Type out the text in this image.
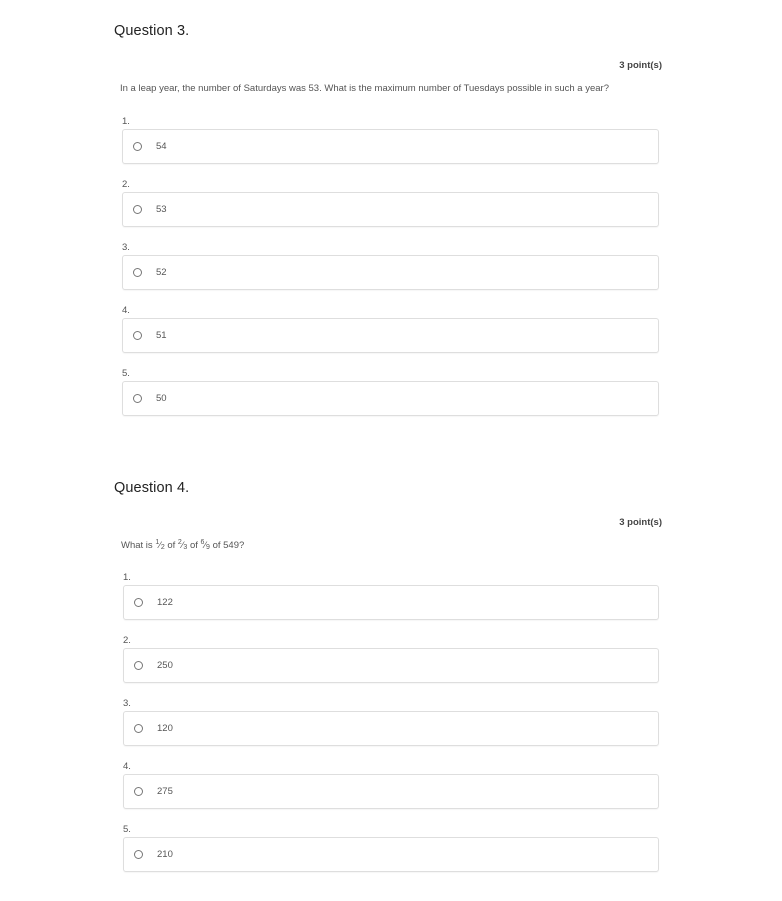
Question 3.
3 point(s)
In a leap year, the number of Saturdays was 53. What is the maximum number of Tuesdays possible in such a year?
1.
54
2.
53
3.
52
4.
51
5.
50
Question 4.
3 point(s)
What is $^1⁄_2$ of $^2⁄_3$ of $^6⁄_9$ of 549?
1.
122
2.
250
3.
120
4.
275
5.
210
